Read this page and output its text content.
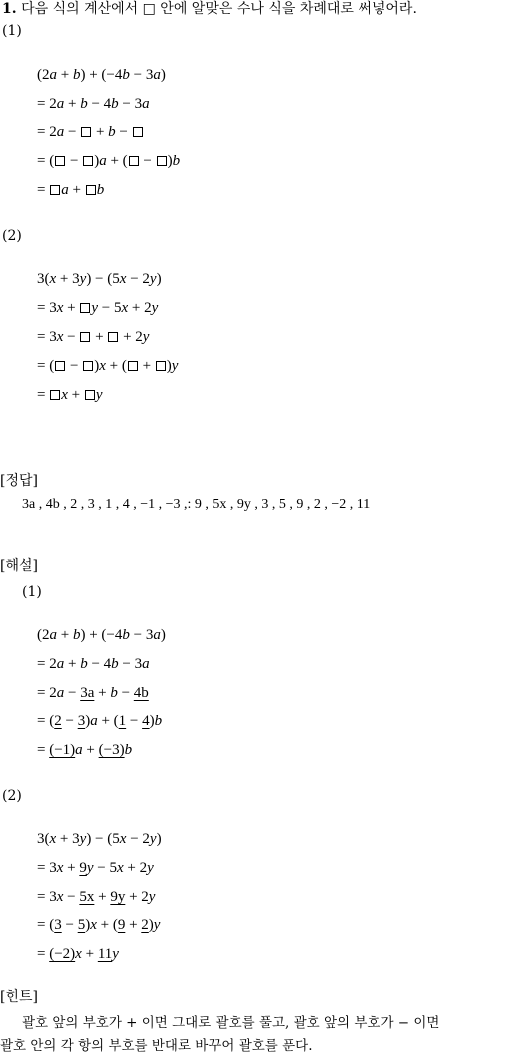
1. 다음 식의 계산에서 □ 안에 알맞은 수나 식을 차례대로 써넣어라.
(1)
(2a + b) + (−4b − 3a)
= 2a + b − 4b − 3a
= 2a −  + b −
= ( − )a + ( − )b
= a + b
(2)
3(x + 3y) − (5x − 2y)
= 3x + y − 5x + 2y
= 3x −  +  + 2y
= ( − )x + ( + )y
= x + y
[정답]
3a , 4b , 2 , 3 , 1 , 4 , −1 , −3 ,: 9 , 5x , 9y , 3 , 5 , 9 , 2 , −2 , 11
[해설]
(1)
(2a + b) + (−4b − 3a)
= 2a + b − 4b − 3a
= 2a − 3a + b − 4b
= (2 − 3)a + (1 − 4)b
= (−1)a + (−3)b
(2)
3(x + 3y) − (5x − 2y)
= 3x + 9y − 5x + 2y
= 3x − 5x + 9y + 2y
= (3 − 5)x + (9 + 2)y
= (−2)x + 11y
[힌트]
괄호 앞의 부호가 + 이면 그대로 괄호를 풀고, 괄호 앞의 부호가 − 이면
괄호 안의 각 항의 부호를 반대로 바꾸어 괄호를 푼다.
